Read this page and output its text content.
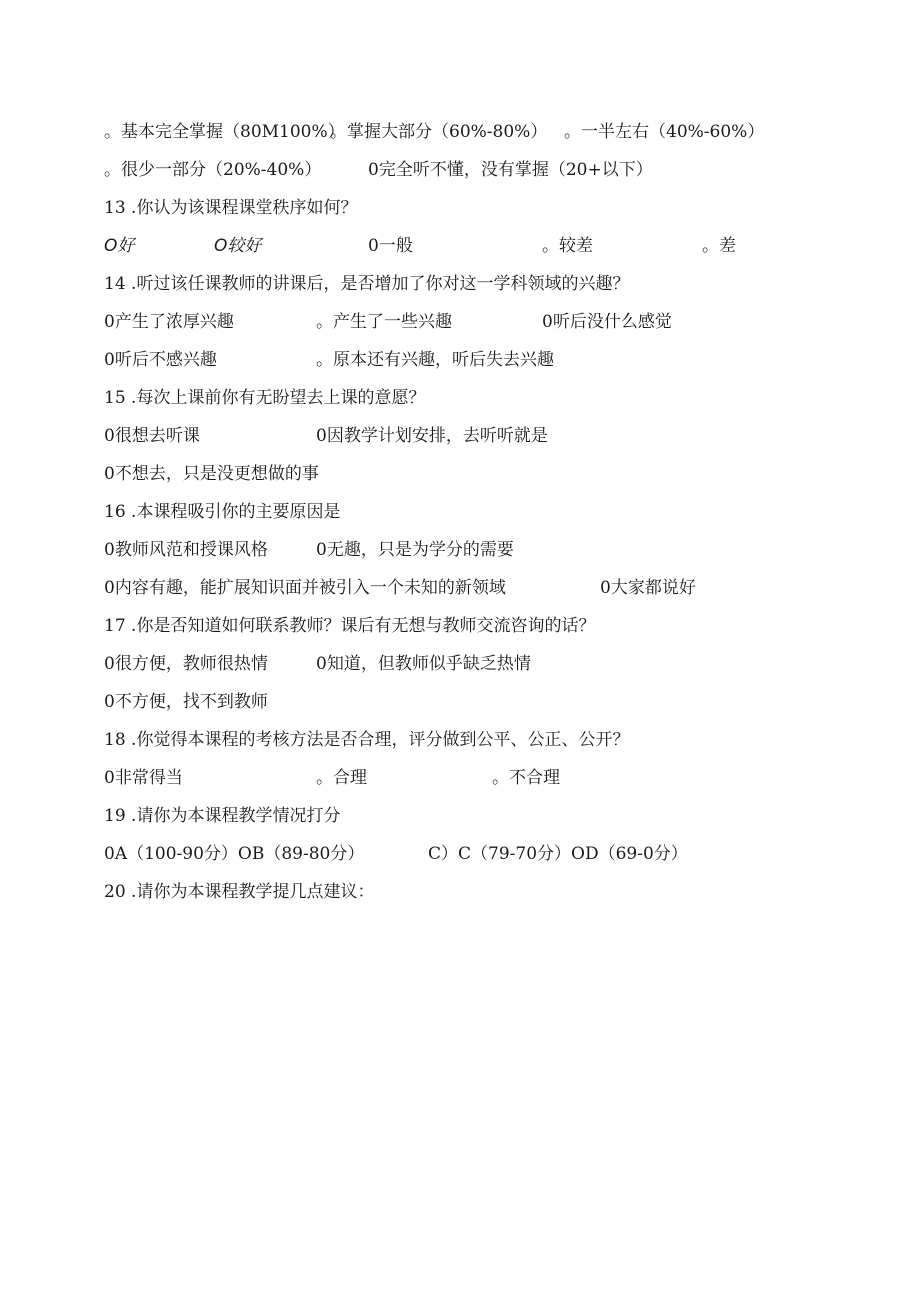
。基本完全掌握（80M100%）
。掌握大部分（60%-80%） 。一半左右（40%-60%）
。很少一部分（20%-40%）	0完全听不懂，没有掌握（20+以下）
13 .你认为该课程课堂秩序如何？
O好	O较好	0一般	。较差	。差
14 .听过该任课教师的讲课后，是否增加了你对这一学科领域的兴趣？
0产生了浓厚兴趣	。产生了一些兴趣	0听后没什么感觉
0听后不感兴趣	。原本还有兴趣，听后失去兴趣
15 .每次上课前你有无盼望去上课的意愿？
0很想去听课	0因教学计划安排，去听听就是
0不想去，只是没更想做的事
16 .本课程吸引你的主要原因是
0教师风范和授课风格	0无趣，只是为学分的需要
0内容有趣，能扩展知识面并被引入一个未知的新领域	0大家都说好
17 .你是否知道如何联系教师？课后有无想与教师交流咨询的话？
0很方便，教师很热情	0知道，但教师似乎缺乏热情
0不方便，找不到教师
18 .你觉得本课程的考核方法是否合理，评分做到公平、公正、公开？
0非常得当	。合理	。不合理
19 .请你为本课程教学情况打分
0A（100-90分）OB（89-80分）	C）C（79-70分）OD（69-0分）
20 .请你为本课程教学提几点建议：
